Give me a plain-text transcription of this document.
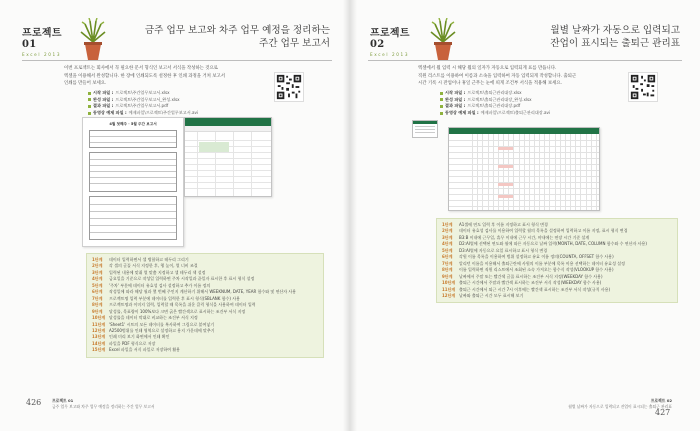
프로젝트 01
Excel 2013
금주 업무 보고와 차주 업무 예정을 정리하는
주간 업무 보고서
이번 프로젝트는 회사에서 꼭 필요한 문서 형식인 보고서 서식을 작성하는 것으로
엑셀을 이용해서 완성합니다. 한 장에 인쇄되도록 설정한 후 인쇄 과정을 거쳐 보고서
인쇄를 만들어 보세요.
시작 파일 : 프로젝트\주간업무보고서.xlsx
완성 파일 : 프로젝트\주간업무보고서_완성.xlsx
결과 파일 : 프로젝트\주간업무보고서.pdf
동영상 예제 파일 : 예제파일\프로젝트\주간업무보고서.avi
4월 첫째주 · 5월 주간 보고서
1단계	데이터 입력하면서 셀 병합하고 테두리 그리기
2단계	각 셀의 글꼴 서식 지정한 후, 행 높이, 열 너비 조절
3단계	입력된 내용에 맞춰 열 맞춤 지정하고 셀 테두리 색 설정
4단계	금요일을 기준으로 작성일 입력하면 주차 시작일과 끝일자 표시한 후 표시 형식 설정
5단계	'주차' 부분에 데이터 유효성 검사 설정하고 추가 이름 정의
6단계	작성일에 따라 해당 월과 몇 번째 주인지 계산하기 위해서 WEEKNUM, DATE, YEAR 함수와 및 연산자 사용
7단계	프로젝트명 입력 부분에 데이터를 입력한 후 표시 형식(SBLANK 함수) 사용
8단계	프로젝트명과 이미지 입력, 입력할 때 목록을 쉬운 클릭 형식을 사용하여 데이터 입력
9단계	달성률, 목표량이 100%보다 크면 굵은 빨간색으로 표시하는 조건부 서식 지정
10단계 달성률을 데이터 막대로 비교하는 조건부 서식 지정
11단계 'Sheet1' 시트의 모든 데이터를 복사하여 그림으로 붙여넣기
12단계 A2500범위를 인쇄 영역으로 설정하고 용지 가운데에 맞추기
13단계 인쇄 미리 보기 화면에서 인쇄 확인
14단계 파일을 PDF 형식으로 저장
15단계 Excel 파일을 서식 파일로 저장하여 활용
426	프로젝트 01
금주 업무 보고와 차주 업무 예정을 정리하는 주간 업무 보고서
프로젝트 02
Excel 2013
월별 날짜가 자동으로 입력되고
잔업이 표시되는 출퇴근 관리표
엑셀에서 월 입력 시 해당 월의 일자가 자동으로 입력되게 표를 만듭니다.
직원 리스트를 이용하여 이름과 소속을 입력하여 자동 입력되게 작성합니다. 출퇴근
시간 기록 시 잔업이나 휴일 근무는 눈에 띄게 조건부 서식을 적용해 보세요.
시작 파일 : 프로젝트\출퇴근관리대장.xlsx
완성 파일 : 프로젝트\출퇴근관리대장_완성.xlsx
결과 파일 : 프로젝트\출퇴근관리대장.pdf
동영상 예제 파일 : 예제파일\프로젝트\출퇴근관리대장.avi
1단계	A1셀에 연도 입력 후 이름 지정하고 표시 형식 변경
2단계	데이터 유효성 검사를 이용하여 입력할 월의 목록을 설정하여 입력하고 이름 지정, 표시 형식 변경
3단계	B3:B 이내에 근무일, 휴무 이내에 근무 시간, 야내에는 연장 시간 기준 설계
4단계	D2:AI열에 선택된 연도와 월에 따른 자동으로 날짜 입력(MONTH, DATE, COLUMN 함수와 수 연산자 사용)
5단계	D3:AI열에 자동으로 요일 표시하고 표시 형식 변경
6단계	각원 이름 목록을 이용하여 범위 설정하고 유효 이름 정의(COUNTA, OFFSET 함수 사용)
7단계	알리던 이름을 이용해서 출퇴근란에 사원의 이름 부분에 목록 이용 선택하는 데이터 유효성 설정
8단계	이름 입력하면 직원 리스트에서 조회된 소속 가져오는 함수식 작성(VLOOKUP 함수 사용)
9단계	날짜에서 주말 또는 빨간색 글꼴 표시하는 조건부 서식 지정(WEEKDAY 함수 사용)
10단계 출퇴근 시간에서 주말과 빨간색 표시하는 조건부 서식 작성(WEEKDAY 함수 사용)
11단계 출퇴근 시간에서 퇴근 시간 7시 이후에는 빨간색 표시하는 조건부 서식 작성(규칙 사용)
12단계 날짜와 출퇴근 시간 모두 표시해 보기
프로젝트 02
월별 날짜가 자동으로 입력되고 잔업이 표시되는 출퇴근 관리표
427
